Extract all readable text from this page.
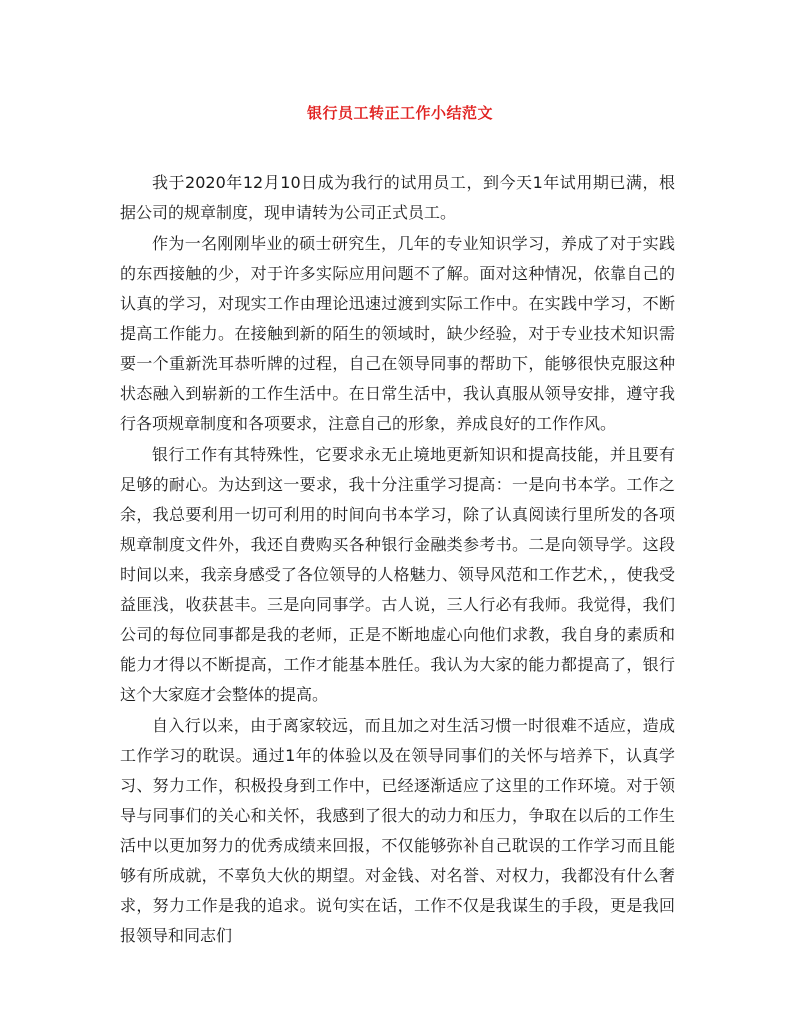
银行员工转正工作小结范文

我于2020年12月10日成为我行的试用员工，到今天1年试用期已满，根据公司的规章制度，现申请转为公司正式员工。

作为一名刚刚毕业的硕士研究生，几年的专业知识学习，养成了对于实践的东西接触的少，对于许多实际应用问题不了解。面对这种情况，依靠自己的认真的学习，对现实工作由理论迅速过渡到实际工作中。在实践中学习，不断提高工作能力。在接触到新的陌生的领域时，缺少经验，对于专业技术知识需要一个重新洗耳恭听牌的过程，自己在领导同事的帮助下，能够很快克服这种状态融入到崭新的工作生活中。在日常生活中，我认真服从领导安排，遵守我行各项规章制度和各项要求，注意自己的形象，养成良好的工作作风。

银行工作有其特殊性，它要求永无止境地更新知识和提高技能，并且要有足够的耐心。为达到这一要求，我十分注重学习提高：一是向书本学。工作之余，我总要利用一切可利用的时间向书本学习，除了认真阅读行里所发的各项规章制度文件外，我还自费购买各种银行金融类参考书。二是向领导学。这段时间以来，我亲身感受了各位领导的人格魅力、领导风范和工作艺术，，使我受益匪浅，收获甚丰。三是向同事学。古人说，三人行必有我师。我觉得，我们公司的每位同事都是我的老师，正是不断地虚心向他们求教，我自身的素质和能力才得以不断提高，工作才能基本胜任。我认为大家的能力都提高了，银行这个大家庭才会整体的提高。

自入行以来，由于离家较远，而且加之对生活习惯一时很难不适应，造成工作学习的耽误。通过1年的体验以及在领导同事们的关怀与培养下，认真学习、努力工作，积极投身到工作中，已经逐渐适应了这里的工作环境。对于领导与同事们的关心和关怀，我感到了很大的动力和压力，争取在以后的工作生活中以更加努力的优秀成绩来回报，不仅能够弥补自己耽误的工作学习而且能够有所成就，不辜负大伙的期望。对金钱、对名誉、对权力，我都没有什么奢求，努力工作是我的追求。说句实在话，工作不仅是我谋生的手段，更是我回报领导和同志们
